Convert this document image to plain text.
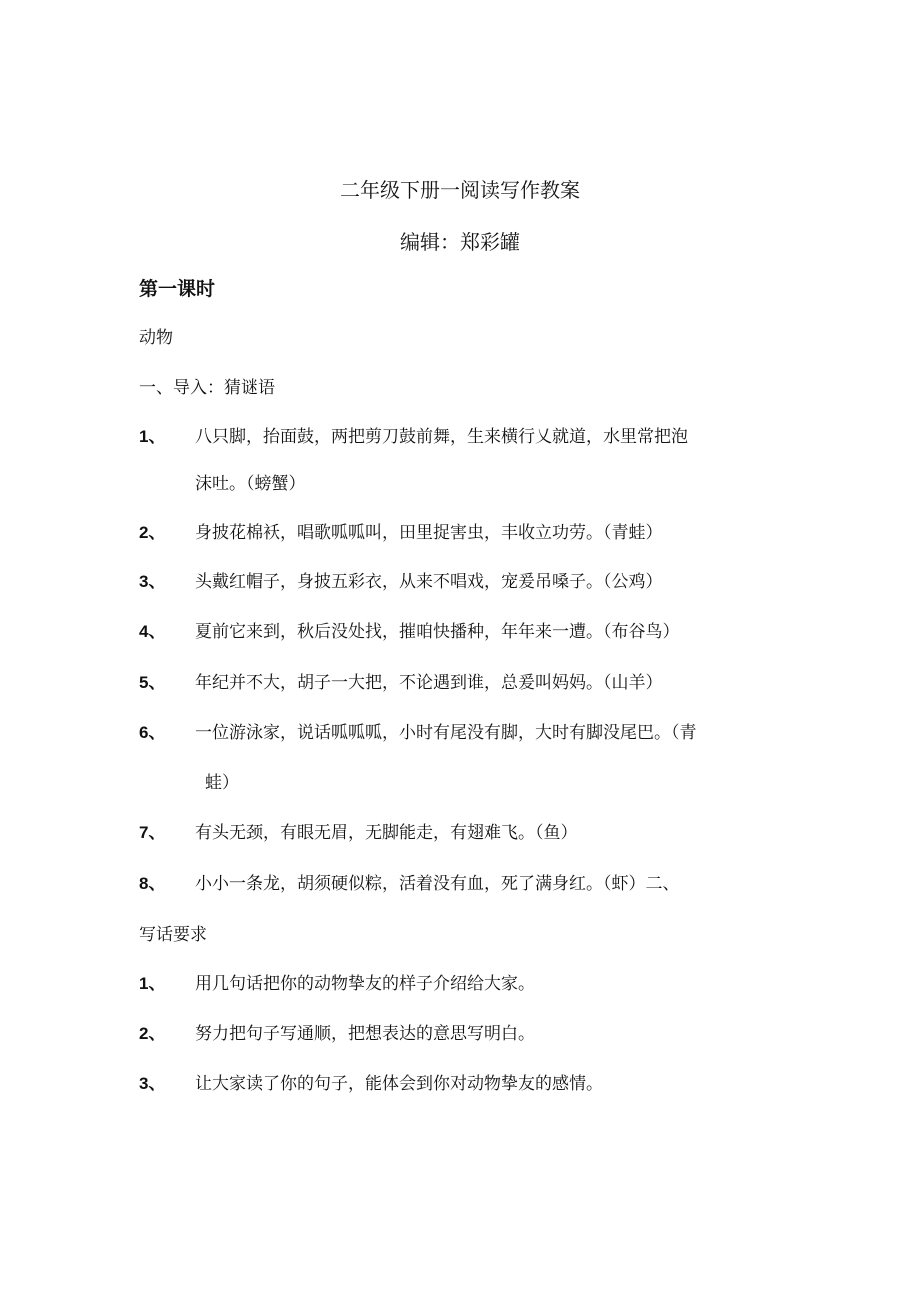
二年级下册一阅读写作教案
编辑：郑彩罐
第一课时
动物
一、导入：猜谜语
1、 八只脚，抬面鼓，两把剪刀鼓前舞，生来横行乂就道，水里常把泡
沫吐。（螃蟹）
2、 身披花棉袄，唱歌呱呱叫，田里捉害虫，丰收立功劳。（青蛙）
3、 头戴红帽子，身披五彩衣，从来不唱戏，宠爰吊嗓子。（公鸡）
4、 夏前它来到，秋后没处找，摧咱快播种，年年来一遭。（布谷鸟）
5、 年纪并不大，胡子一大把，不论遇到谁，总爰叫妈妈。（山羊）
6、 一位游泳家，说话呱呱呱，小时有尾没有脚，大时有脚没尾巴。（青
蛙）
7、 有头无颈，有眼无眉，无脚能走，有翅难飞。（鱼）
8、 小小一条龙，胡须硬似粽，活着没有血，死了满身红。（虾）二、
写话要求
1、 用几句话把你的动物挚友的样子介绍给大家。
2、 努力把句子写通顺，把想表达的意思写明白。
3、 让大家读了你的句子，能体会到你对动物挚友的感情。
